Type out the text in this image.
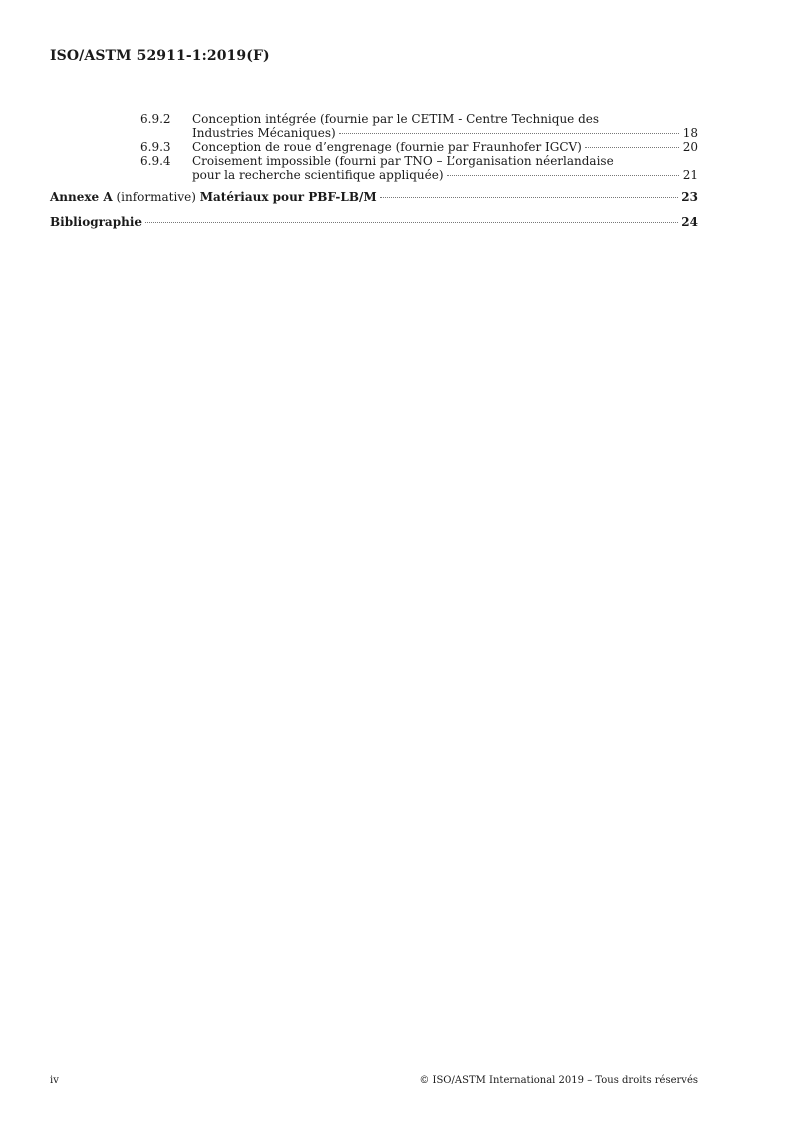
ISO/ASTM 52911-1:2019(F)
6.9.2 Conception intégrée (fournie par le CETIM - Centre Technique des
Industries Mécaniques)	18
6.9.3 Conception de roue d’engrenage (fournie par Fraunhofer IGCV)	20
6.9.4 Croisement impossible (fourni par TNO – L’organisation néerlandaise
pour la recherche scientifique appliquée)	21
Annexe A (informative) Matériaux pour PBF-LB/M	23
Bibliographie	24
iv	© ISO/ASTM International 2019 – Tous droits réservés
